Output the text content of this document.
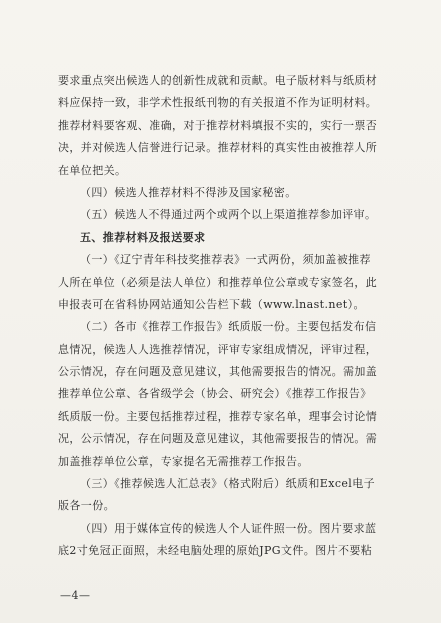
要求重点突出候选人的创新性成就和贡献。电子版材料与纸质材
料应保持一致，非学术性报纸刊物的有关报道不作为证明材料。
推荐材料要客观、准确，对于推荐材料填报不实的，实行一票否
决，并对候选人信誉进行记录。推荐材料的真实性由被推荐人所
在单位把关。
（四）候选人推荐材料不得涉及国家秘密。
（五）候选人不得通过两个或两个以上渠道推荐参加评审。
五、推荐材料及报送要求
（一）《辽宁青年科技奖推荐表》一式两份，须加盖被推荐
人所在单位（必须是法人单位）和推荐单位公章或专家签名，此
申报表可在省科协网站通知公告栏下载（www.lnast.net）。
（二）各市《推荐工作报告》纸质版一份。主要包括发布信
息情况，候选人人选推荐情况，评审专家组成情况，评审过程，
公示情况，存在问题及意见建议，其他需要报告的情况。需加盖
推荐单位公章、各省级学会（协会、研究会）《推荐工作报告》
纸质版一份。主要包括推荐过程，推荐专家名单，理事会讨论情
况，公示情况，存在问题及意见建议，其他需要报告的情况。需
加盖推荐单位公章，专家提名无需推荐工作报告。
（三）《推荐候选人汇总表》（格式附后）纸质和Excel电子
版各一份。
（四）用于媒体宣传的候选人个人证件照一份。图片要求蓝
底2寸免冠正面照，未经电脑处理的原始JPG文件。图片不要粘
—4—
